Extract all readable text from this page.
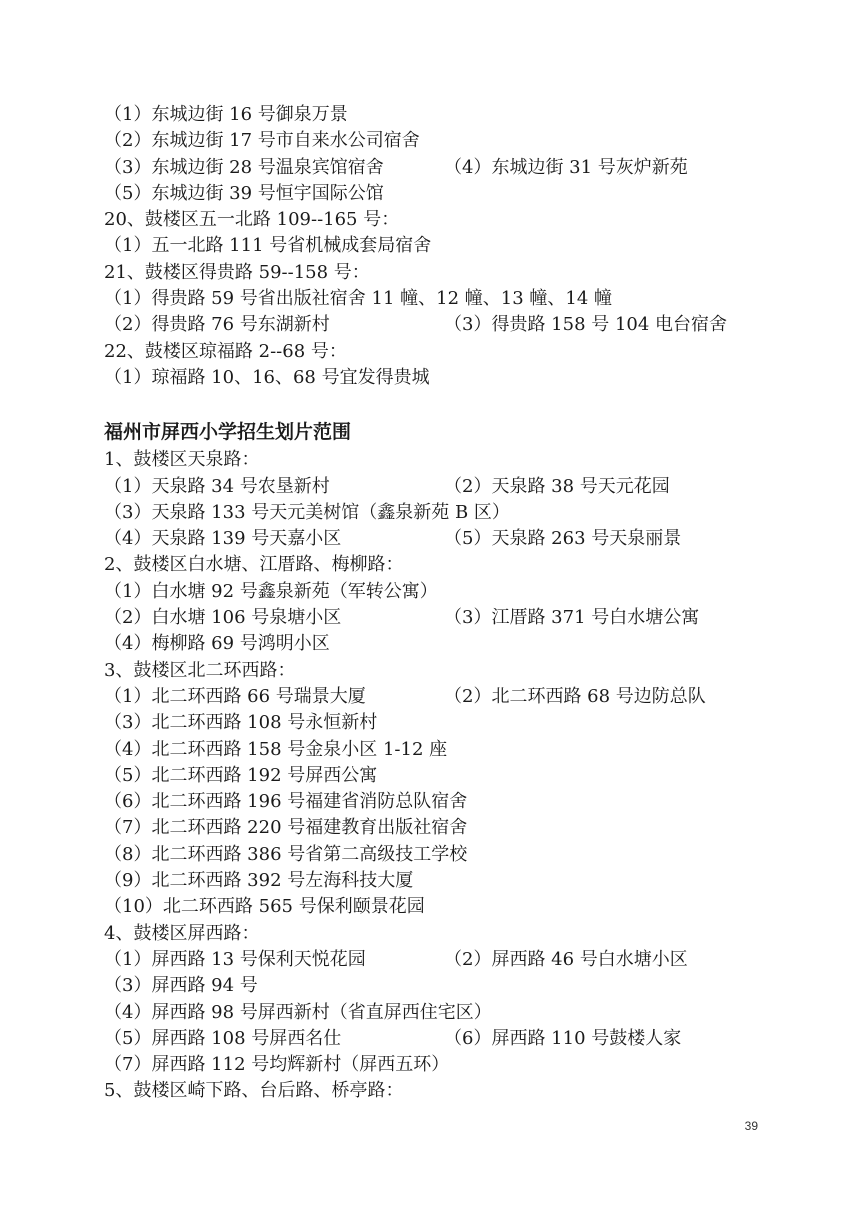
（1）东城边街 16 号御泉万景
（2）东城边街 17 号市自来水公司宿舍
（3）东城边街 28 号温泉宾馆宿舍	（4）东城边街 31 号灰炉新苑
（5）东城边街 39 号恒宇国际公馆
20、鼓楼区五一北路 109--165 号：
（1）五一北路 111 号省机械成套局宿舍
21、鼓楼区得贵路 59--158 号：
（1）得贵路 59 号省出版社宿舍 11 幢、12 幢、13 幢、14 幢
（2）得贵路 76 号东湖新村	（3）得贵路 158 号 104 电台宿舍
22、鼓楼区琼福路 2--68 号：
（1）琼福路 10、16、68 号宜发得贵城
福州市屏西小学招生划片范围
1、鼓楼区天泉路：
（1）天泉路 34 号农垦新村	（2）天泉路 38 号天元花园
（3）天泉路 133 号天元美树馆（鑫泉新苑 B 区）
（4）天泉路 139 号天嘉小区	（5）天泉路 263 号天泉丽景
2、鼓楼区白水塘、江厝路、梅柳路：
（1）白水塘 92 号鑫泉新苑（军转公寓）
（2）白水塘 106 号泉塘小区	（3）江厝路 371 号白水塘公寓
（4）梅柳路 69 号鸿明小区
3、鼓楼区北二环西路：
（1）北二环西路 66 号瑞景大厦	（2）北二环西路 68 号边防总队
（3）北二环西路 108 号永恒新村
（4）北二环西路 158 号金泉小区 1-12 座
（5）北二环西路 192 号屏西公寓
（6）北二环西路 196 号福建省消防总队宿舍
（7）北二环西路 220 号福建教育出版社宿舍
（8）北二环西路 386 号省第二高级技工学校
（9）北二环西路 392 号左海科技大厦
（10）北二环西路 565 号保利颐景花园
4、鼓楼区屏西路：
（1）屏西路 13 号保利天悦花园	（2）屏西路 46 号白水塘小区
（3）屏西路 94 号
（4）屏西路 98 号屏西新村（省直屏西住宅区）
（5）屏西路 108 号屏西名仕	（6）屏西路 110 号鼓楼人家
（7）屏西路 112 号均辉新村（屏西五环）
5、鼓楼区崎下路、台后路、桥亭路：
39
